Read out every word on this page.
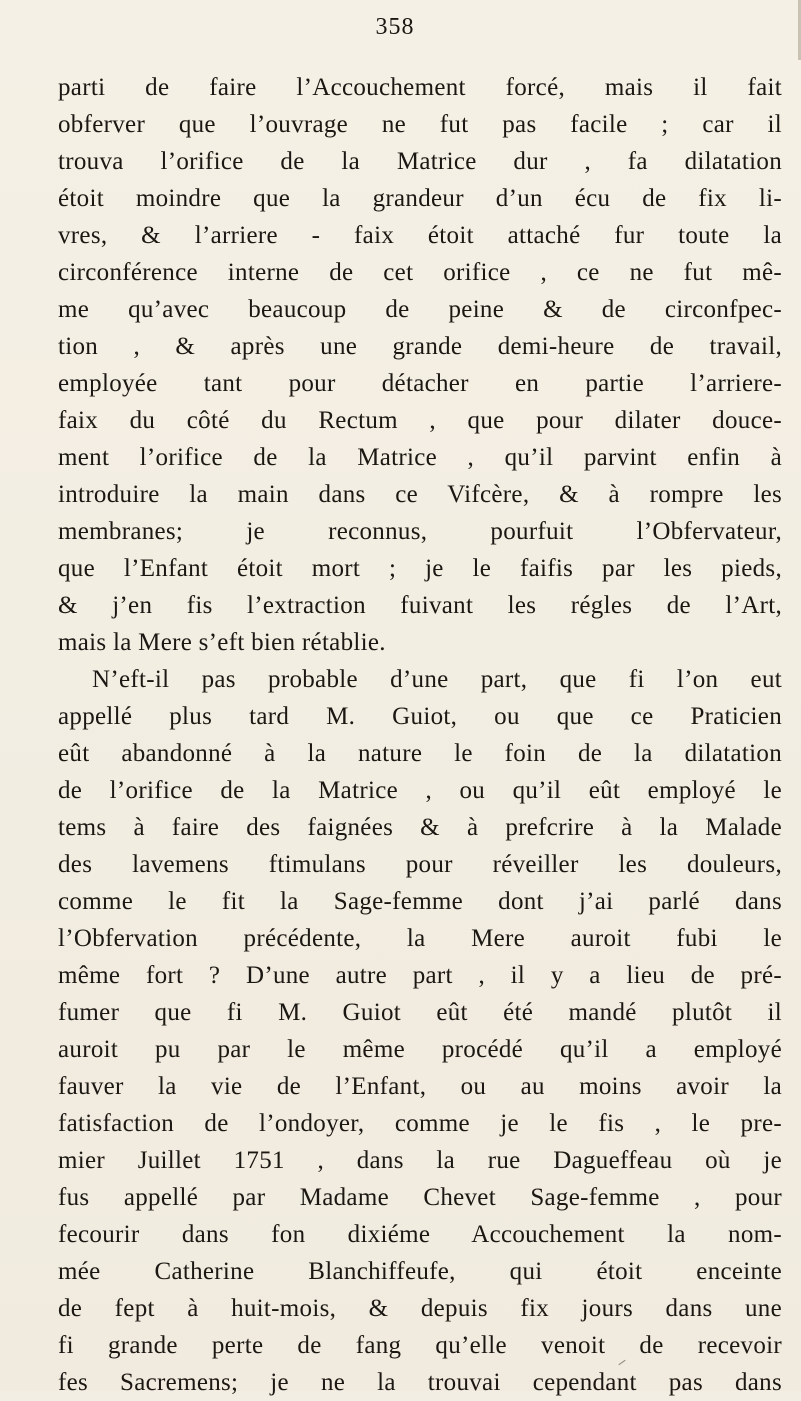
358
parti de faire l’Accouchement forcé, mais il fait
obferver que l’ouvrage ne fut pas facile ; car il
trouva l’orifice de la Matrice dur , fa dilatation
étoit moindre que la grandeur d’un écu de fix li-
vres, & l’arriere - faix étoit attaché fur toute la
circonférence interne de cet orifice , ce ne fut mê-
me qu’avec beaucoup de peine & de circonfpec-
tion , & après une grande demi-heure de travail,
employée tant pour détacher en partie l’arriere-
faix du côté du Rectum , que pour dilater douce-
ment l’orifice de la Matrice , qu’il parvint enfin à
introduire la main dans ce Vifcère, & à rompre les
membranes; je reconnus, pourfuit l’Obfervateur,
que l’Enfant étoit mort ; je le faifis par les pieds,
& j’en fis l’extraction fuivant les régles de l’Art,
mais la Mere s’eft bien rétablie.
N’eft-il pas probable d’une part, que fi l’on eut
appellé plus tard M. Guiot, ou que ce Praticien
eût abandonné à la nature le foin de la dilatation
de l’orifice de la Matrice , ou qu’il eût employé le
tems à faire des faignées & à prefcrire à la Malade
des lavemens ftimulans pour réveiller les douleurs,
comme le fit la Sage-femme dont j’ai parlé dans
l’Obfervation précédente, la Mere auroit fubi le
même fort ? D’une autre part , il y a lieu de pré-
fumer que fi M. Guiot eût été mandé plutôt il
auroit pu par le même procédé qu’il a employé
fauver la vie de l’Enfant, ou au moins avoir la
fatisfaction de l’ondoyer, comme je le fis , le pre-
mier Juillet 1751 , dans la rue Dagueffeau où je
fus appellé par Madame Chevet Sage-femme , pour
fecourir dans fon dixiéme Accouchement la nom-
mée Catherine Blanchiffeufe, qui étoit enceinte
de fept à huit-mois, & depuis fix jours dans une
fi grande perte de fang qu’elle venoit de recevoir
fes Sacremens; je ne la trouvai cependant pas dans
